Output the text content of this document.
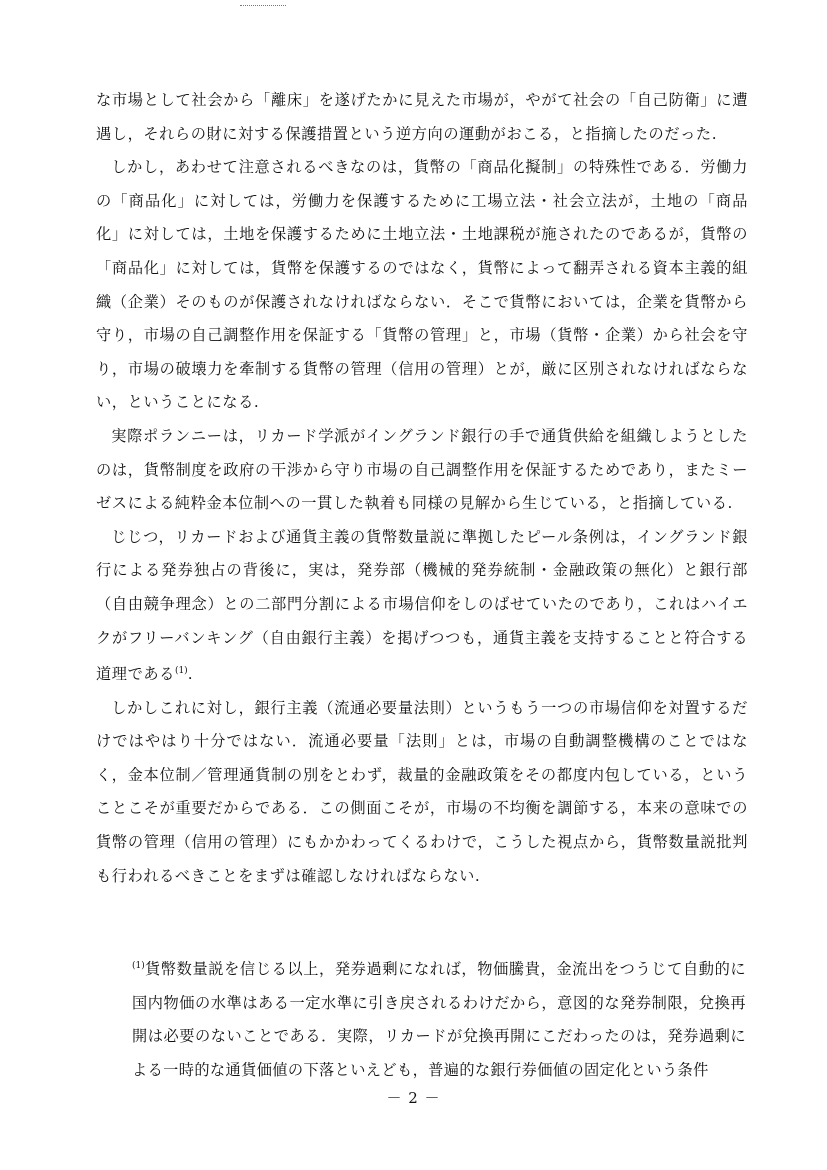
な市場として社会から「離床」を遂げたかに見えた市場が，やがて社会の「自己防衛」に遭遇し，それらの財に対する保護措置という逆方向の運動がおこる，と指摘したのだった.

しかし，あわせて注意されるべきなのは，貨幣の「商品化擬制」の特殊性である．労働力の「商品化」に対しては，労働力を保護するために工場立法・社会立法が，土地の「商品化」に対しては，土地を保護するために土地立法・土地課税が施されたのであるが，貨幣の「商品化」に対しては，貨幣を保護するのではなく，貨幣によって翻弄される資本主義的組織（企業）そのものが保護されなければならない．そこで貨幣においては，企業を貨幣から守り，市場の自己調整作用を保証する「貨幣の管理」と，市場（貨幣・企業）から社会を守り，市場の破壊力を牽制する貨幣の管理（信用の管理）とが，厳に区別されなければならない，ということになる.

実際ポランニーは，リカード学派がイングランド銀行の手で通貨供給を組織しようとしたのは，貨幣制度を政府の干渉から守り市場の自己調整作用を保証するためであり，またミーゼスによる純粋金本位制への一貫した執着も同様の見解から生じている，と指摘している.

じじつ，リカードおよび通貨主義の貨幣数量説に準拠したピール条例は，イングランド銀行による発券独占の背後に，実は，発券部（機械的発券統制・金融政策の無化）と銀行部（自由競争理念）との二部門分割による市場信仰をしのばせていたのであり，これはハイエクがフリーバンキング（自由銀行主義）を掲げつつも，通貨主義を支持することと符合する道理である$^{(1)}$.

しかしこれに対し，銀行主義（流通必要量法則）というもう一つの市場信仰を対置するだけではやはり十分ではない．流通必要量「法則」とは，市場の自動調整機構のことではなく，金本位制／管理通貨制の別をとわず，裁量的金融政策をその都度内包している，ということこそが重要だからである．この側面こそが，市場の不均衡を調節する，本来の意味での貨幣の管理（信用の管理）にもかかわってくるわけで，こうした視点から，貨幣数量説批判も行われるべきことをまずは確認しなければならない.

$^{(1)}$貨幣数量説を信じる以上，発券過剰になれば，物価騰貴，金流出をつうじて自動的に国内物価の水準はある一定水準に引き戻されるわけだから，意図的な発券制限，兌換再開は必要のないことである．実際，リカードが兌換再開にこだわったのは，発券過剰による一時的な通貨価値の下落といえども，普遍的な銀行券価値の固定化という条件

－ 2 －
